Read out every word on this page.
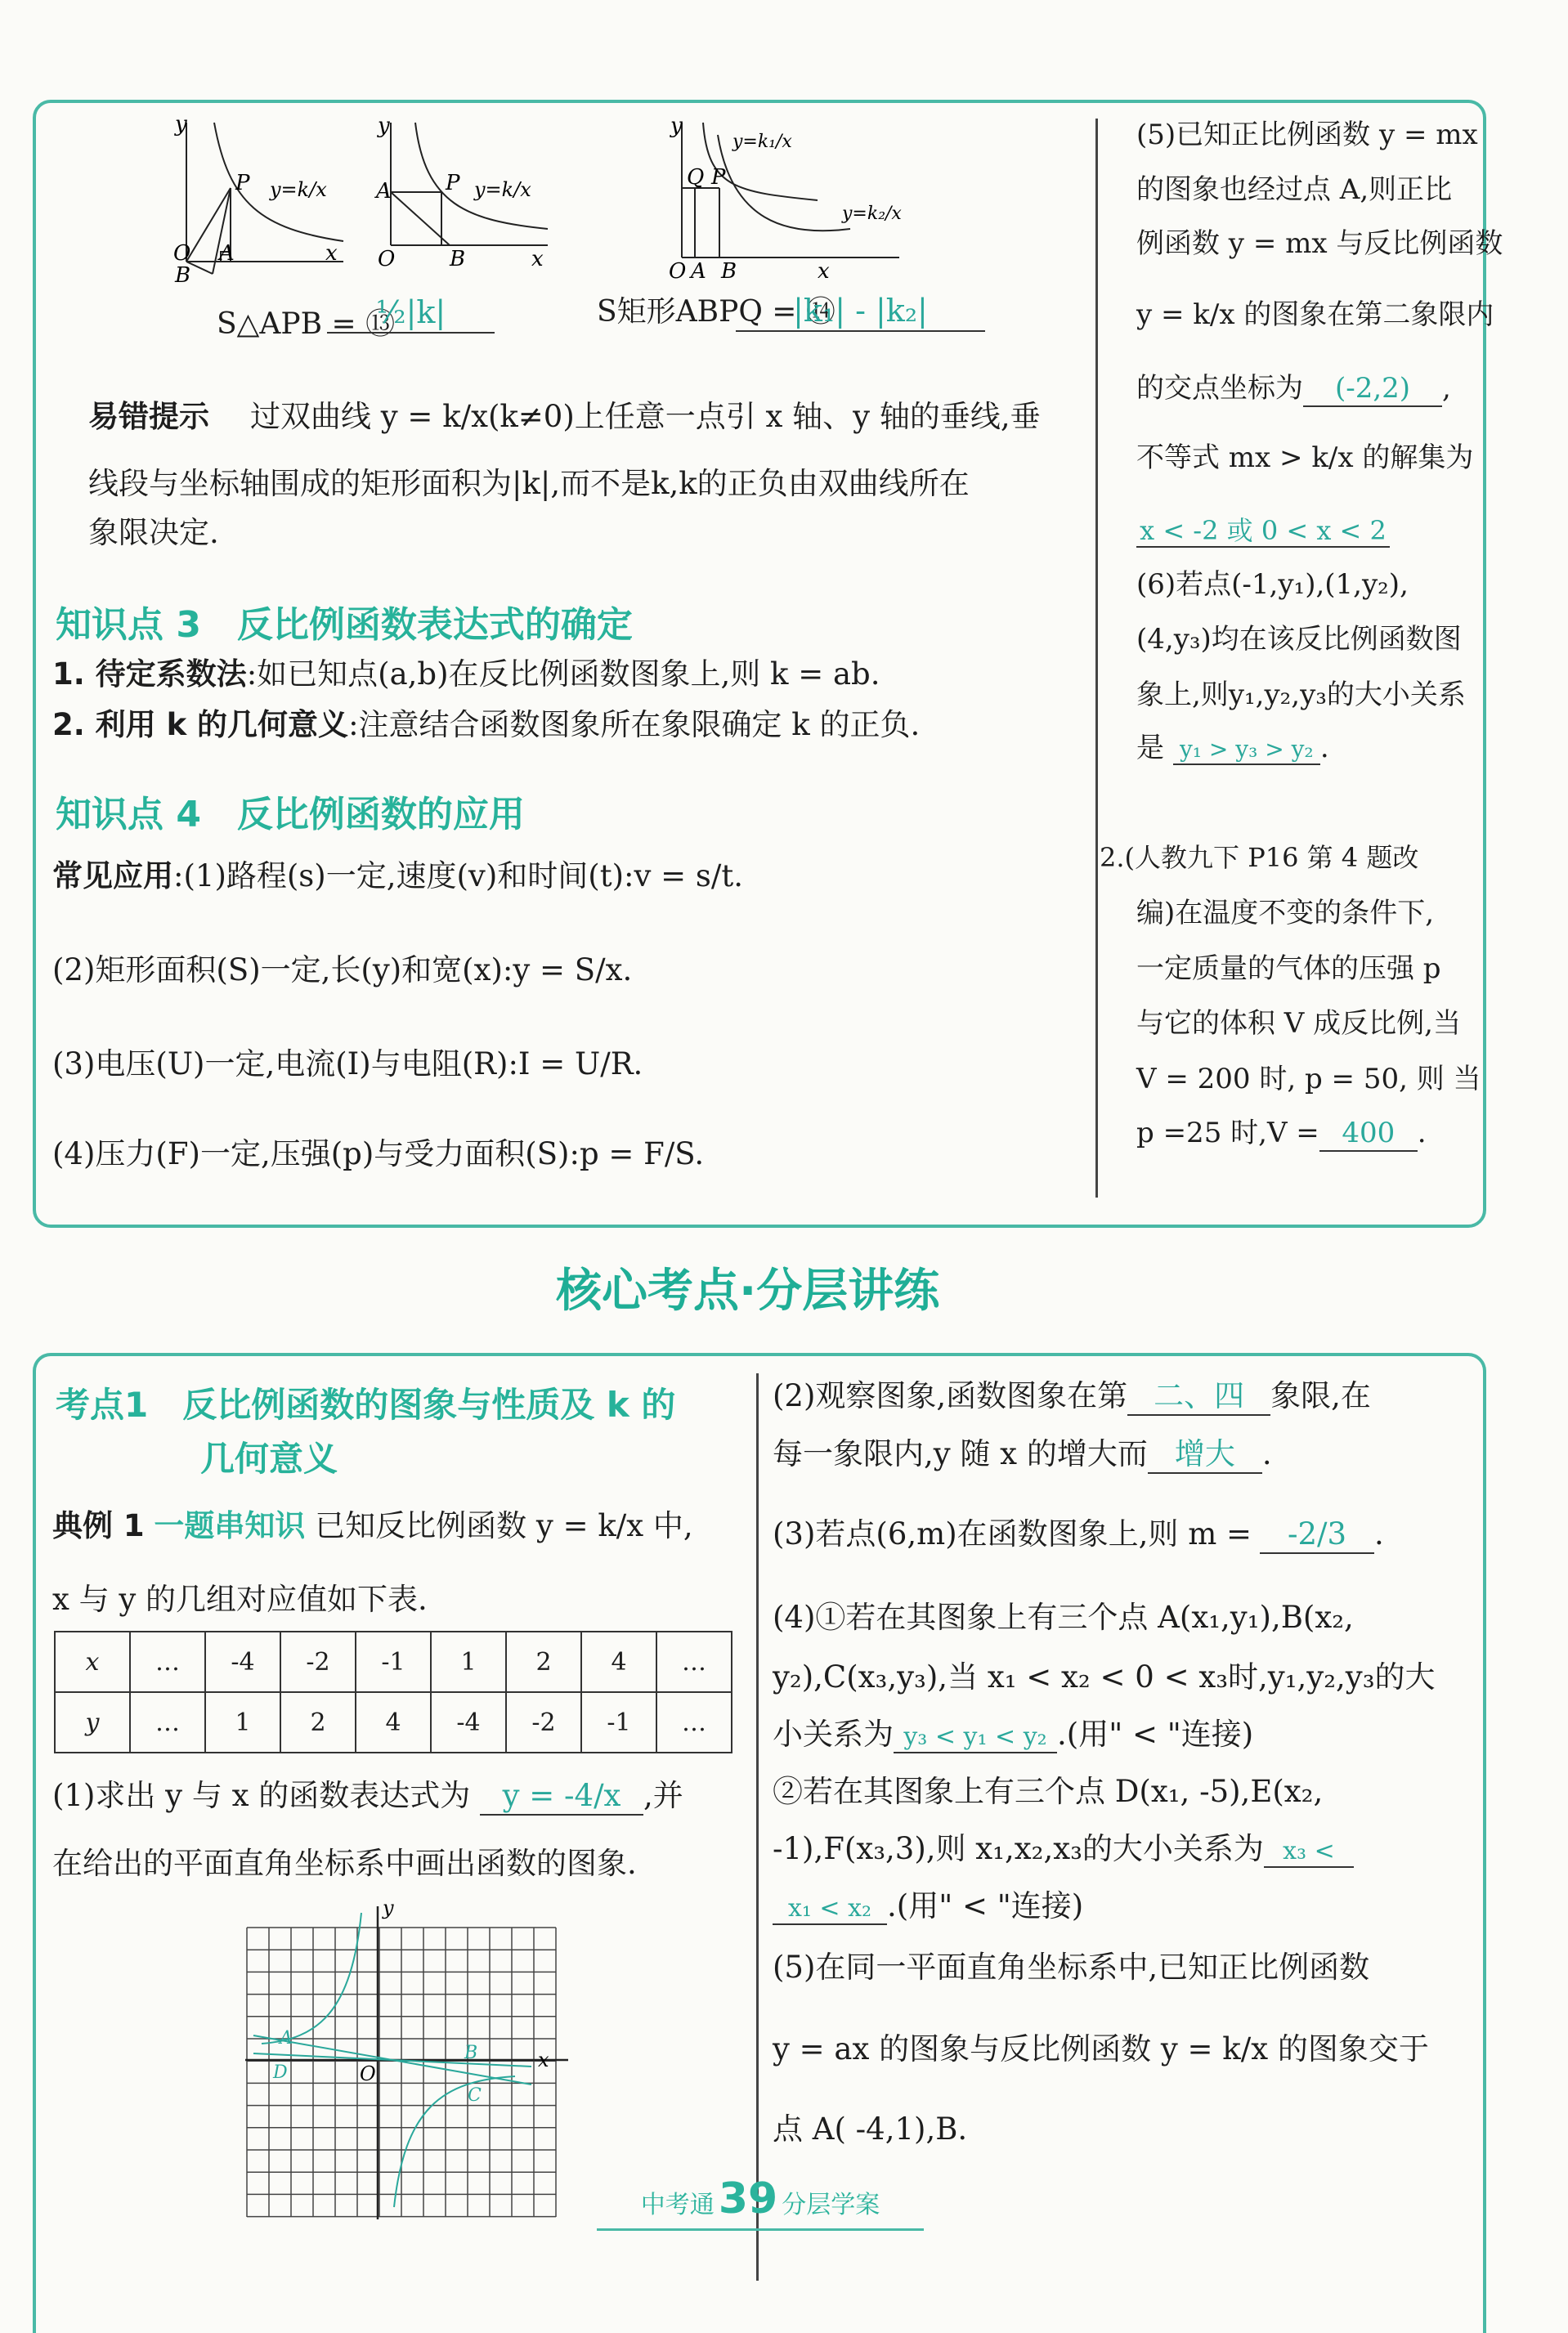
y
O
B
A
P
x
y=k/x
y
O
A
B
P
x
y=k/x
y
O A B
Q P
x
y=k₁/x
y=k₂/x
S△APB = ⑬
½|k|	S矩形ABPQ = ⑭
|k₁| - |k₂|
易错提示 过双曲线 y = k/x(k≠0)上任意一点引 x 轴、y 轴的垂线,垂
线段与坐标轴围成的矩形面积为|k|,而不是k,k的正负由双曲线所在
象限决定.
知识点 3　反比例函数表达式的确定
1. 待定系数法:如已知点(a,b)在反比例函数图象上,则 k = ab.
2. 利用 k 的几何意义:注意结合函数图象所在象限确定 k 的正负.
知识点 4　反比例函数的应用
常见应用:(1)路程(s)一定,速度(v)和时间(t):v = s/t.
(2)矩形面积(S)一定,长(y)和宽(x):y = S/x.
(3)电压(U)一定,电流(I)与电阻(R):I = U/R.
(4)压力(F)一定,压强(p)与受力面积(S):p = F/S.
(5)已知正比例函数 y = mx
的图象也经过点 A,则正比
例函数 y = mx 与反比例函数
y = k/x 的图象在第二象限内
的交点坐标为 (-2,2) ,
不等式 mx > k/x 的解集为
x < -2 或 0 < x < 2
(6)若点(-1,y₁),(1,y₂),
(4,y₃)均在该反比例函数图
象上,则y₁,y₂,y₃的大小关系
是 y₁ > y₃ > y₂ .
2.(人教九下 P16 第 4 题改
编)在温度不变的条件下,
一定质量的气体的压强 p
与它的体积 V 成反比例,当
V = 200 时, p = 50, 则 当
p =25 时,V = 400 .
核心考点·分层讲练
考点1　反比例函数的图象与性质及 k 的
几何意义
典例 1 一题串知识 已知反比例函数 y = k/x 中,
x 与 y 的几组对应值如下表.
x	…	-4	-2	-1	1	2	4	…
y	…	1	2	4	-4	-2	-1	…
(1)求出 y 与 x 的函数表达式为 y = -4/x ,并
在给出的平面直角坐标系中画出函数的图象.
y
x
O
A
B
C
D
(2)观察图象,函数图象在第 二、四 象限,在
每一象限内,y 随 x 的增大而 增大 .
(3)若点(6,m)在函数图象上,则 m = -2/3 .
(4)①若在其图象上有三个点 A(x₁,y₁),B(x₂,
y₂),C(x₃,y₃),当 x₁ < x₂ < 0 < x₃时,y₁,y₂,y₃的大
小关系为 y₃ < y₁ < y₂ .(用" < "连接)
②若在其图象上有三个点 D(x₁, -5),E(x₂,
-1),F(x₃,3),则 x₁,x₂,x₃的大小关系为 x₃ <
x₁ < x₂ .(用" < "连接)
(5)在同一平面直角坐标系中,已知正比例函数
y = ax 的图象与反比例函数 y = k/x 的图象交于
点 A( -4,1),B.
中考通 39 分层学案
